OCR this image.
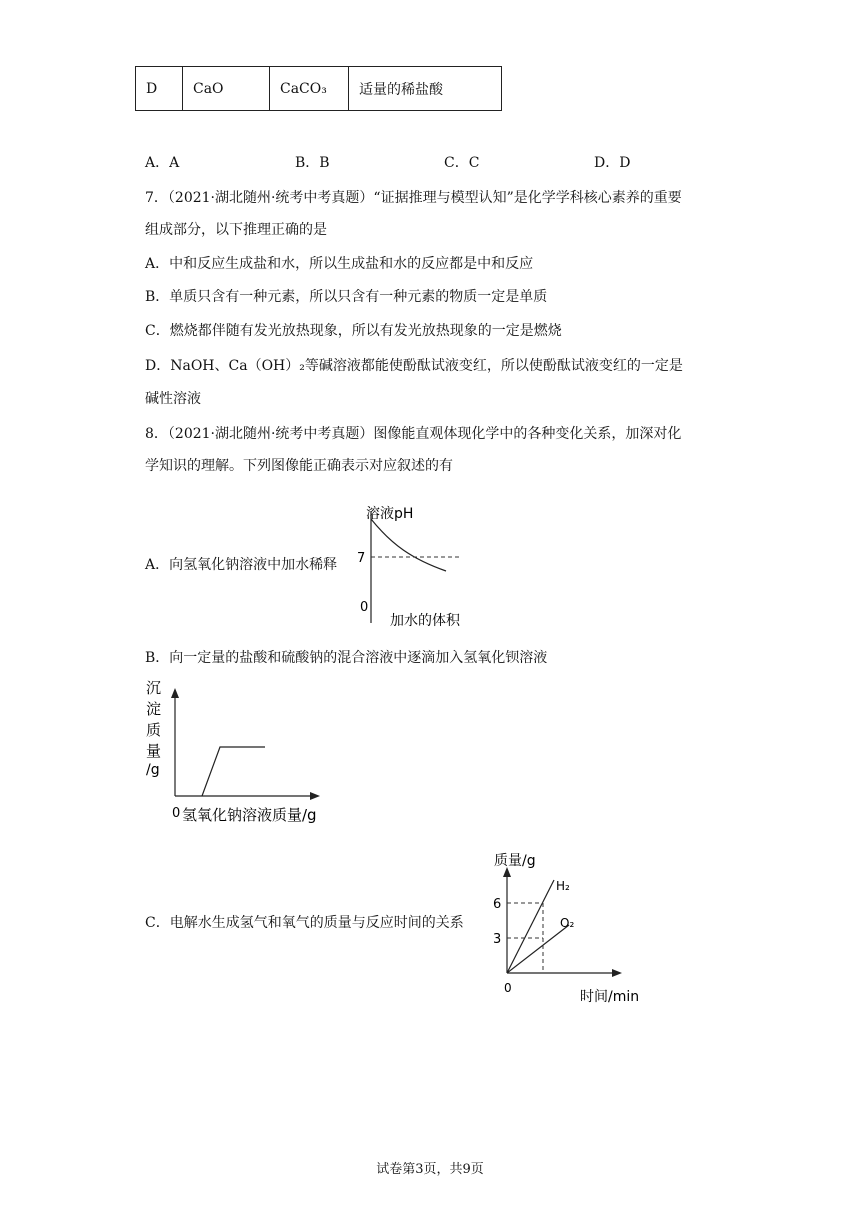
D	CaO	CaCO₃	适量的稀盐酸
A．A	B．B	C．C	D．D
7．（2021·湖北随州·统考中考真题）“证据推理与模型认知”是化学学科核心素养的重要
组成部分，以下推理正确的是
A．中和反应生成盐和水，所以生成盐和水的反应都是中和反应
B．单质只含有一种元素，所以只含有一种元素的物质一定是单质
C．燃烧都伴随有发光放热现象，所以有发光放热现象的一定是燃烧
D．NaOH、Ca（OH）₂等碱溶液都能使酚酞试液变红，所以使酚酞试液变红的一定是
碱性溶液
8．（2021·湖北随州·统考中考真题）图像能直观体现化学中的各种变化关系，加深对化
学知识的理解。下列图像能正确表示对应叙述的有
A．向氢氧化钠溶液中加水稀释
溶液pH
7
0
加水的体积
B．向一定量的盐酸和硫酸钠的混合溶液中逐滴加入氢氧化钡溶液
沉
淀
质
量
/g
0 氢氧化钠溶液质量/g
C．电解水生成氢气和氧气的质量与反应时间的关系
质量/g
6
3
H₂
O₂
0
时间/min
试卷第3页，共9页
